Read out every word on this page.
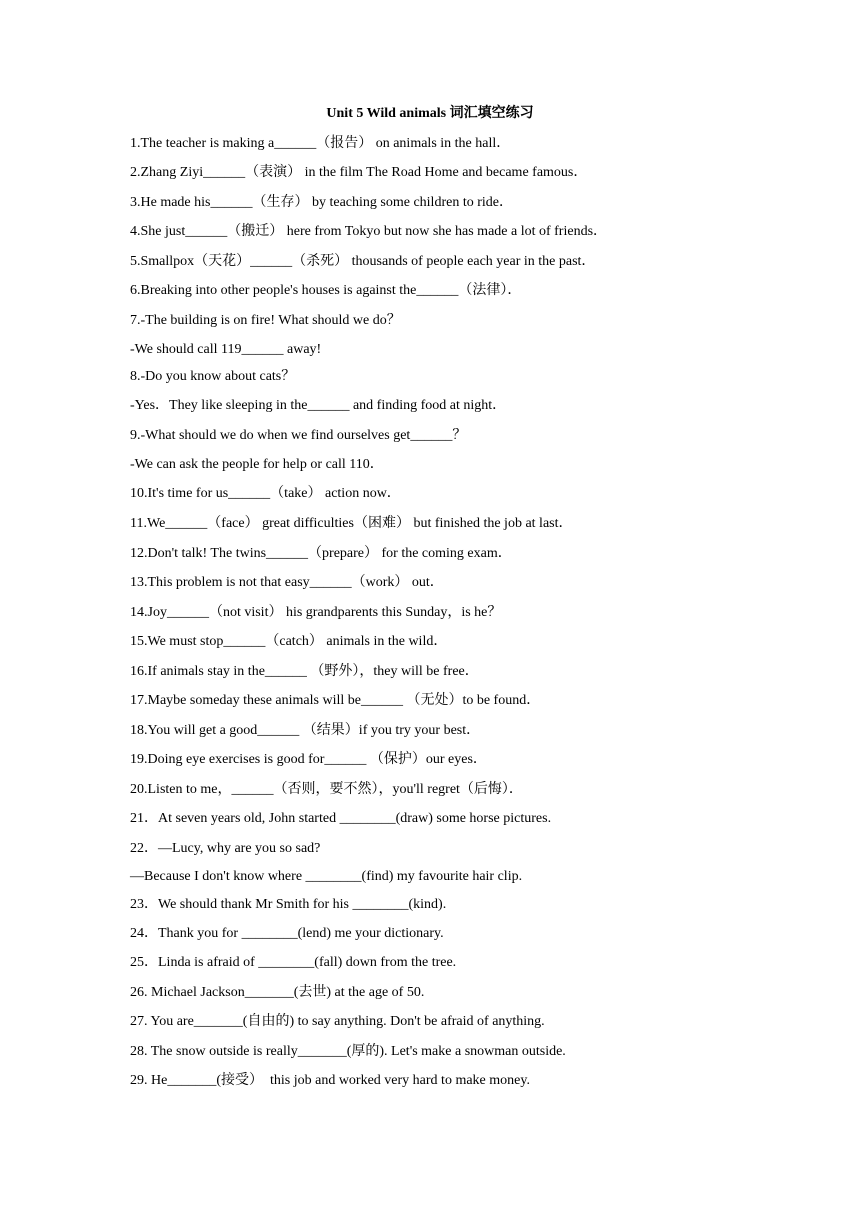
Unit 5 Wild animals 词汇填空练习
1.The teacher is making a______（报告） on animals in the hall．
2.Zhang Ziyi______（表演） in the film The Road Home and became famous．
3.He made his______（生存） by teaching some children to ride．
4.She just______（搬迁） here from Tokyo but now she has made a lot of friends．
5.Smallpox（天花）______（杀死） thousands of people each year in the past．
6.Breaking into other people's houses is against the______（法律）．
7.-The building is on fire! What should we do？
-We should call 119______ away!
8.-Do you know about cats？
-Yes．They like sleeping in the______ and finding food at night．
9.-What should we do when we find ourselves get______？
-We can ask the people for help or call 110．
10.It's time for us______（take） action now．
11.We______（face） great difficulties（困难） but finished the job at last．
12.Don't talk! The twins______（prepare） for the coming exam．
13.This problem is not that easy______（work） out．
14.Joy______（not visit） his grandparents this Sunday，is he？
15.We must stop______（catch） animals in the wild．
16.If animals stay in the______ （野外），they will be free．
17.Maybe someday these animals will be______ （无处）to be found．
18.You will get a good______ （结果）if you try your best．
19.Doing eye exercises is good for______ （保护）our eyes．
20.Listen to me，______（否则，要不然），you'll regret（后悔）．
21．At seven years old, John started ________(draw) some horse pictures.
22．—Lucy, why are you so sad?
—Because I don't know where ________(find) my favourite hair clip.
23．We should thank Mr Smith for his ________(kind).
24．Thank you for ________(lend) me your dictionary.
25．Linda is afraid of ________(fall) down from the tree.
26. Michael Jackson_______(去世) at the age of 50.
27. You are_______(自由的) to say anything. Don't be afraid of anything.
28. The snow outside is really_______(厚的). Let's make a snowman outside.
29. He_______(接受）  this job and worked very hard to make money.
